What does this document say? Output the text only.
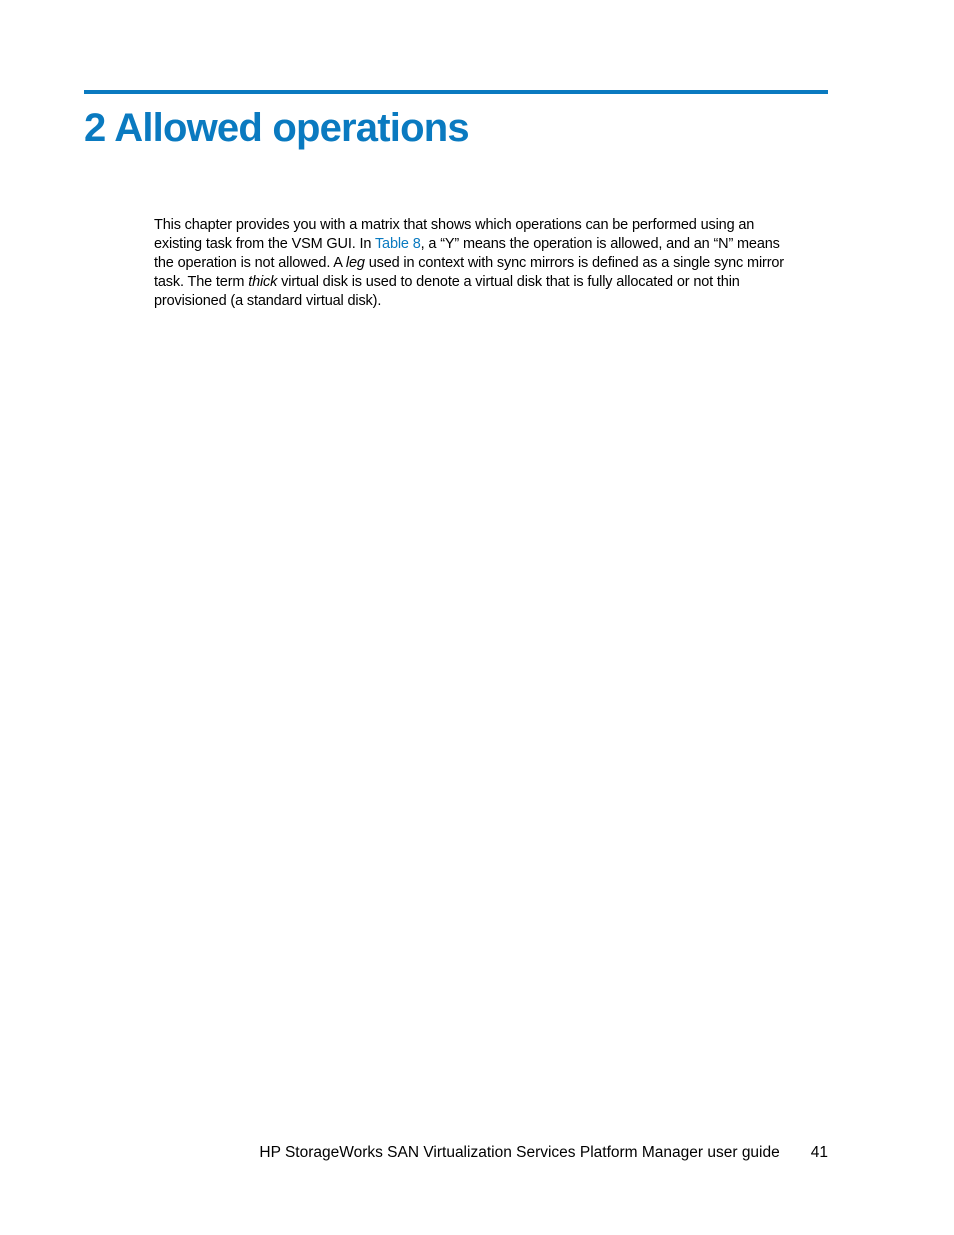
2 Allowed operations

This chapter provides you with a matrix that shows which operations can be performed using an
existing task from the VSM GUI. In Table 8, a “Y” means the operation is allowed, and an “N” means
the operation is not allowed. A leg used in context with sync mirrors is defined as a single sync mirror
task. The term thick virtual disk is used to denote a virtual disk that is fully allocated or not thin
provisioned (a standard virtual disk).

HP StorageWorks SAN Virtualization Services Platform Manager user guide 41
